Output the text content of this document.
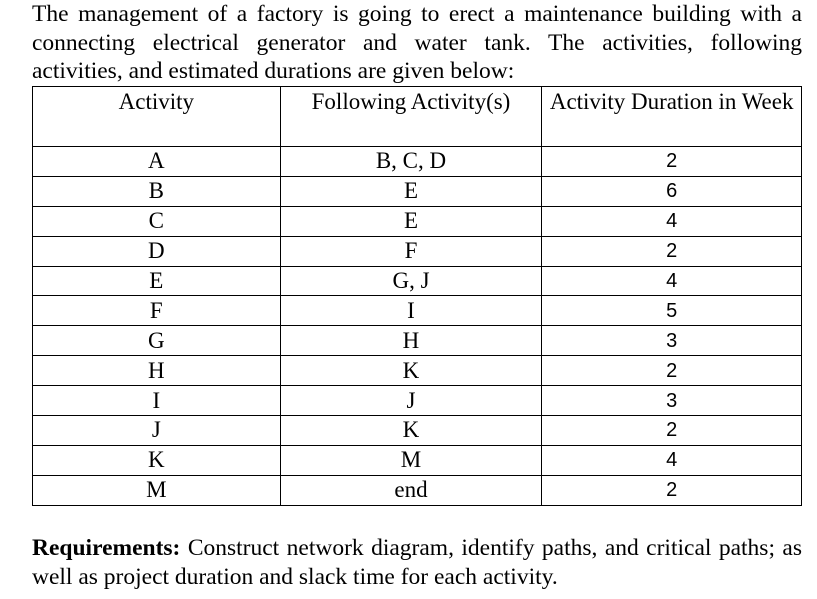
The management of a factory is going to erect a maintenance building with a connecting electrical generator and water tank. The activities, following activities, and estimated durations are given below:

Activity	Following Activity(s)	Activity Duration in Week
A	B, C, D	2
B	E	6
C	E	4
D	F	2
E	G, J	4
F	I	5
G	H	3
H	K	2
I	J	3
J	K	2
K	M	4
M	end	2

Requirements: Construct network diagram, identify paths, and critical paths; as well as project duration and slack time for each activity.
